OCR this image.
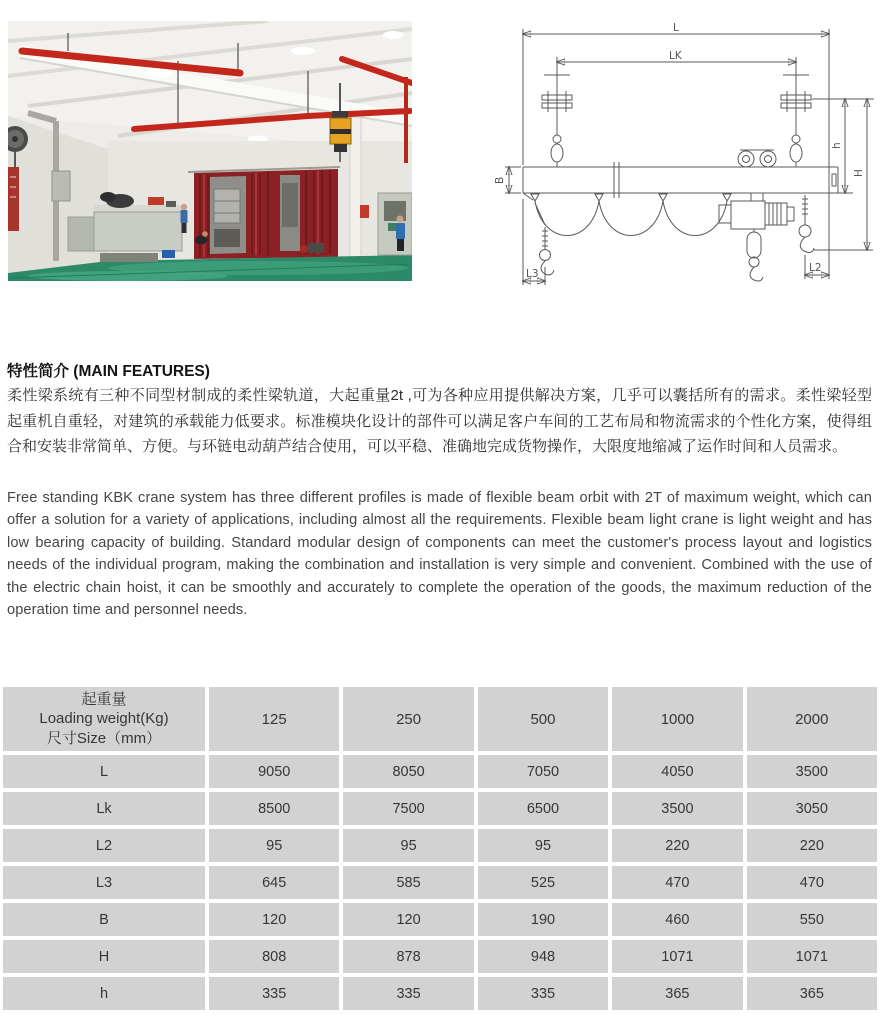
L
LK
B
L3	L2
h
H
特性简介 (MAIN FEATURES)
柔性梁系统有三种不同型材制成的柔性梁轨道，大起重量2t ,可为各种应用提供解决方案，几乎可以囊括所有的需求。柔性梁轻型
起重机自重轻，对建筑的承载能力低要求。标准模块化设计的部件可以满足客户车间的工艺布局和物流需求的个性化方案，使得组
合和安装非常简单、方便。与环链电动葫芦结合使用，可以平稳、准确地完成货物操作，大限度地缩减了运作时间和人员需求。
Free standing KBK crane system has three different profiles is made of flexible beam orbit with 2T of maximum weight, which can
offer a solution for a variety of applications, including almost all the requirements. Flexible beam light crane is light weight and has
low bearing capacity of building. Standard modular design of components can meet the customer's process layout and logistics
needs of the individual program, making the combination and installation is very simple and convenient. Combined with the use of
the electric chain hoist, it can be smoothly and accurately to complete the operation of the goods, the maximum reduction of the
operation time and personnel needs.
起重量
Loading weight(Kg)
尺寸Size（mm）
125	250	500	1000	2000
L	9050	8050	7050	4050	3500
Lk	8500	7500	6500	3500	3050
L2	95	95	95	220	220
L3	645	585	525	470	470
B	120	120	190	460	550
H	808	878	948	1071	1071
h	335	335	335	365	365
